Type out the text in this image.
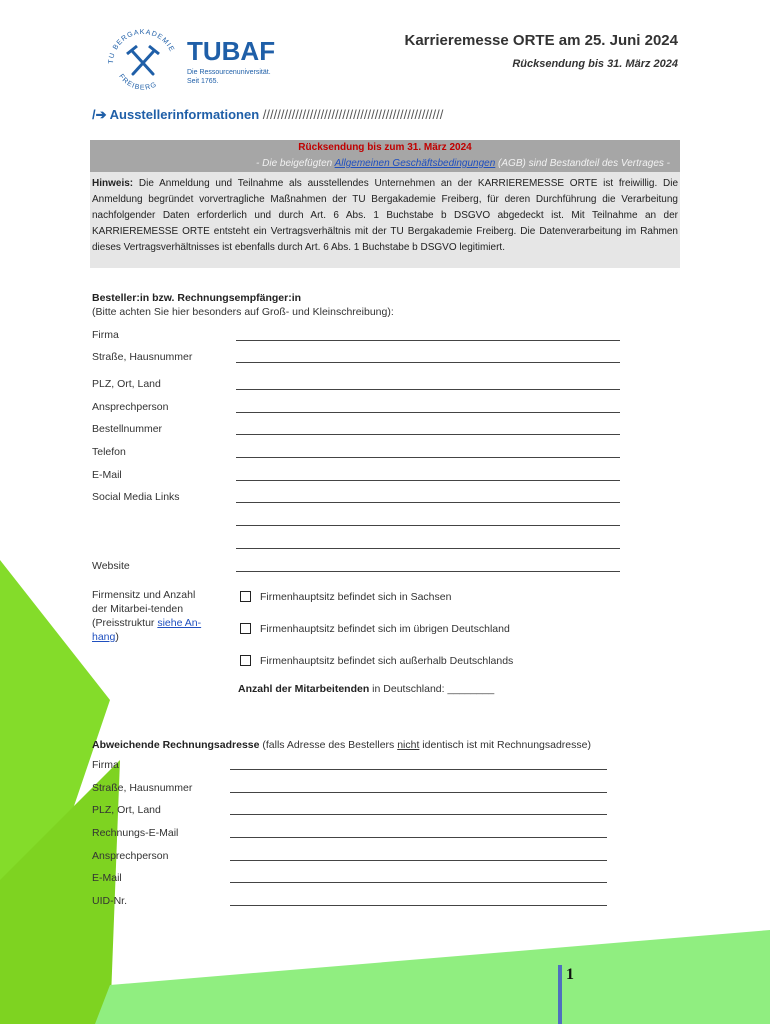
TU BERGAKADEMIE
FREIBERG
TUBAF
Die Ressourcenuniversität.
Seit 1765.
Karrieremesse ORTE am 25. Juni 2024
Rücksendung bis 31. März 2024
/➔ Ausstellerinformationen //////////////////////////////////////////////////
Rücksendung bis zum 31. März 2024
- Die beigefügten Allgemeinen Geschäftsbedingungen (AGB) sind Bestandteil des Vertrages -
Hinweis: Die Anmeldung und Teilnahme als ausstellendes Unternehmen an der KARRIEREMESSE ORTE ist freiwillig. Die Anmeldung begründet vorvertragliche Maßnahmen der TU Bergakademie Freiberg, für deren Durchführung die Verarbeitung nachfolgender Daten erforderlich und durch Art. 6 Abs. 1 Buchstabe b DSGVO abgedeckt ist. Mit Teilnahme an der KARRIEREMESSE ORTE entsteht ein Vertragsverhältnis mit der TU Bergakademie Freiberg. Die Datenverarbeitung im Rahmen dieses Vertragsverhältnisses ist ebenfalls durch Art. 6 Abs. 1 Buchstabe b DSGVO legitimiert.
Besteller:in bzw. Rechnungsempfänger:in
(Bitte achten Sie hier besonders auf Groß- und Kleinschreibung):
Firma
Straße, Hausnummer
PLZ, Ort, Land
Ansprechperson
Bestellnummer
Telefon
E-Mail
Social Media Links
Website
Firmensitz und Anzahl
der Mitarbei-tenden
(Preisstruktur siehe An-
hang)
Firmenhauptsitz befindet sich in Sachsen
Firmenhauptsitz befindet sich im übrigen Deutschland
Firmenhauptsitz befindet sich außerhalb Deutschlands
Anzahl der Mitarbeitenden in Deutschland: ________
Abweichende Rechnungsadresse (falls Adresse des Bestellers nicht identisch ist mit Rechnungsadresse)
Firma
Straße, Hausnummer
PLZ, Ort, Land
Rechnungs-E-Mail
Ansprechperson
E-Mail
UID-Nr.
1
